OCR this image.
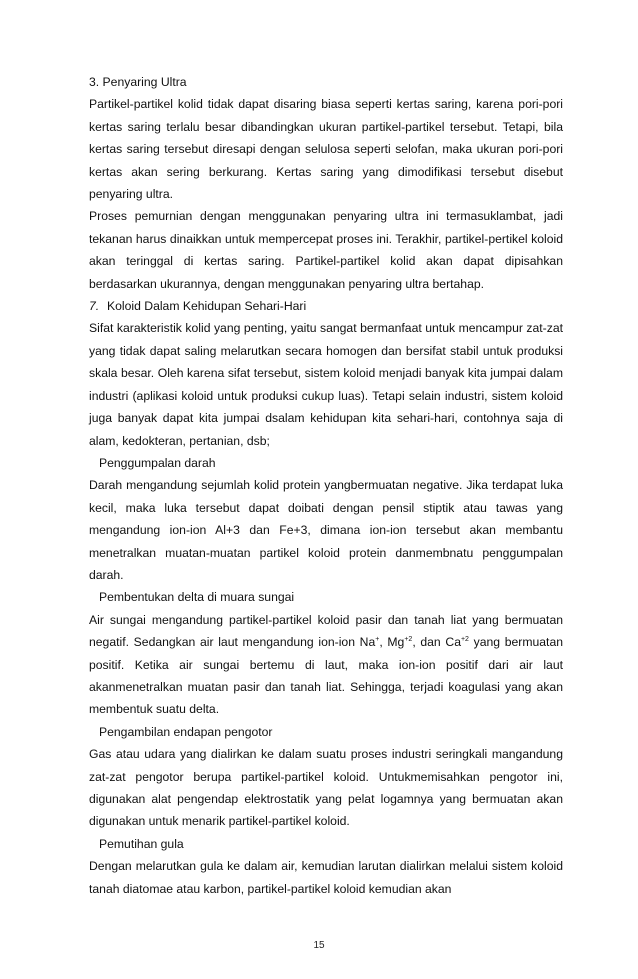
3. Penyaring Ultra

Partikel-partikel kolid tidak dapat disaring biasa seperti kertas saring, karena pori-pori kertas saring terlalu besar dibandingkan ukuran partikel-partikel tersebut. Tetapi, bila kertas saring tersebut diresapi dengan selulosa seperti selofan, maka ukuran pori-pori kertas akan sering berkurang. Kertas saring yang dimodifikasi tersebut disebut penyaring ultra.

Proses pemurnian dengan menggunakan penyaring ultra ini termasuklambat, jadi tekanan harus dinaikkan untuk mempercepat proses ini. Terakhir, partikel-pertikel koloid akan teringgal di kertas saring. Partikel-partikel kolid akan dapat dipisahkan berdasarkan ukurannya, dengan menggunakan penyaring ultra bertahap.

7. Koloid Dalam Kehidupan Sehari-Hari

Sifat karakteristik kolid yang penting, yaitu sangat bermanfaat untuk mencampur zat-zat yang tidak dapat saling melarutkan secara homogen dan bersifat stabil untuk produksi skala besar. Oleh karena sifat tersebut, sistem koloid menjadi banyak kita jumpai dalam industri (aplikasi koloid untuk produksi cukup luas). Tetapi selain industri, sistem koloid juga banyak dapat kita jumpai dsalam kehidupan kita sehari-hari, contohnya saja di alam, kedokteran, pertanian, dsb;

Penggumpalan darah

Darah mengandung sejumlah kolid protein yangbermuatan negative. Jika terdapat luka kecil, maka luka tersebut dapat doibati dengan pensil stiptik atau tawas yang mengandung ion-ion Al+3 dan Fe+3, dimana ion-ion tersebut akan membantu menetralkan muatan-muatan partikel koloid protein danmembnatu penggumpalan darah.

Pembentukan delta di muara sungai

Air sungai mengandung partikel-partikel koloid pasir dan tanah liat yang bermuatan negatif. Sedangkan air laut mengandung ion-ion Na+, $Mg^{+2}$, dan $Ca^{+2}$ yang bermuatan positif. Ketika air sungai bertemu di laut, maka ion-ion positif dari air laut akanmenetralkan muatan pasir dan tanah liat. Sehingga, terjadi koagulasi yang akan membentuk suatu delta.

Pengambilan endapan pengotor

Gas atau udara yang dialirkan ke dalam suatu proses industri seringkali mangandung zat-zat pengotor berupa partikel-partikel koloid. Untukmemisahkan pengotor ini, digunakan alat pengendap elektrostatik yang pelat logamnya yang bermuatan akan digunakan untuk menarik partikel-partikel koloid.

Pemutihan gula

Dengan melarutkan gula ke dalam air, kemudian larutan dialirkan melalui sistem koloid tanah diatomae atau karbon, partikel-partikel koloid kemudian akan

15
